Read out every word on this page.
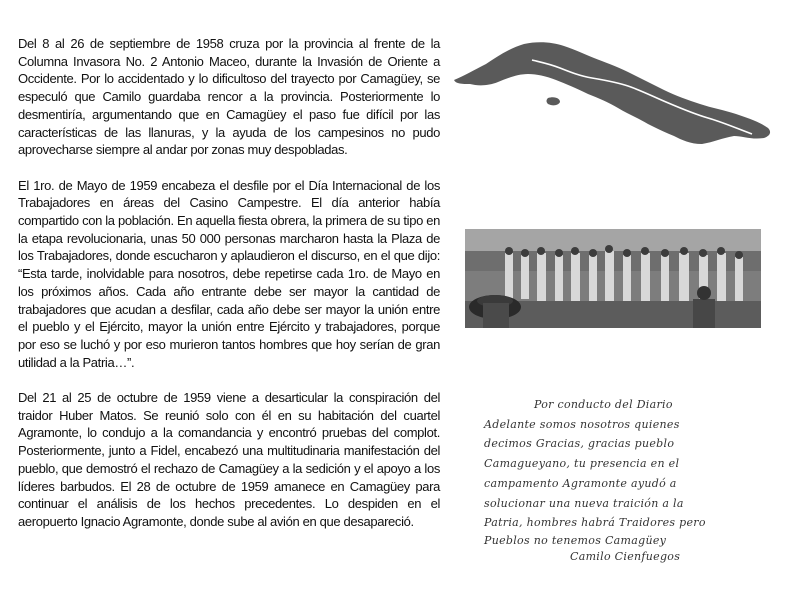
Del 8 al 26 de septiembre de 1958 cruza por la provincia al frente de la Columna Invasora No. 2 Antonio Maceo, durante la Invasión de Oriente a Occidente. Por lo accidentado y lo dificultoso del trayecto por Camagüey, se especuló que Camilo guardaba rencor a la provincia. Posteriormente lo desmentiría, argumentando que en Camagüey el paso fue difícil por las características de las llanuras, y la ayuda de los campesinos no pudo aprovecharse siempre al andar por zonas muy despobladas.

El 1ro. de Mayo de 1959 encabeza el desfile por el Día Internacional de los Trabajadores en áreas del Casino Campestre. El día anterior había compartido con la población. En aquella fiesta obrera, la primera de su tipo en la etapa revolucionaria, unas 50 000 personas marcharon hasta la Plaza de los Trabajadores, donde escucharon y aplaudieron el discurso, en el que dijo: “Esta tarde, inolvidable para nosotros, debe repetirse cada 1ro. de Mayo en los próximos años. Cada año entrante debe ser mayor la cantidad de trabajadores que acudan a desfilar, cada año debe ser mayor la unión entre el pueblo y el Ejército, mayor la unión entre Ejército y trabajadores, porque por eso se luchó y por eso murieron tantos hombres que hoy serían de gran utilidad a la Patria…”.

Del 21 al 25 de octubre de 1959 viene a desarticular la conspiración del traidor Huber Matos. Se reunió solo con él en su habitación del cuartel Agramonte, lo condujo a la comandancia y encontró pruebas del complot. Posteriormente, junto a Fidel, encabezó una multitudinaria manifestación del pueblo, que demostró el rechazo de Camagüey a la sedición y el apoyo a los líderes barbudos. El 28 de octubre de 1959 amanece en Camagüey para continuar el análisis de los hechos precedentes. Lo despiden en el aeropuerto Ignacio Agramonte, donde sube al avión en que desapareció.

Por conducto del Diario
Adelante somos nosotros quienes
decimos Gracias, gracias pueblo
Camagueyano, tu presencia en el
campamento Agramonte ayudó a
solucionar una nueva traición a la
Patria, hombres habrá Traidores pero
Pueblos no tenemos Camagüey
Camilo Cienfuegos
